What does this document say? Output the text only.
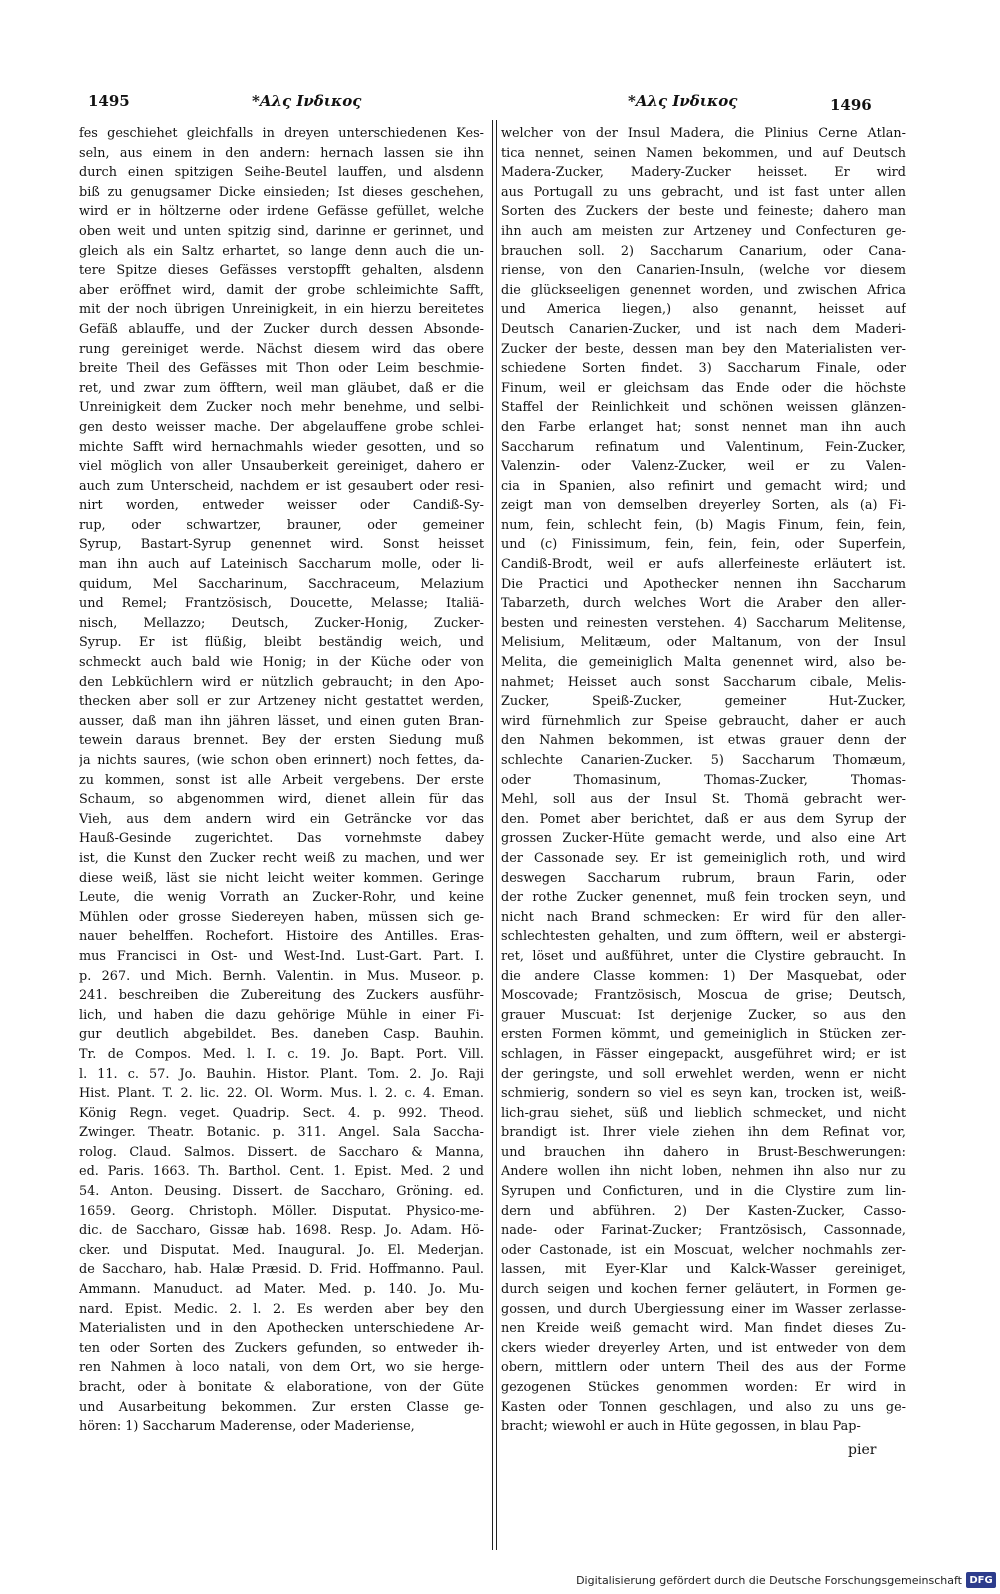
1495	*Αλς Ινδικος	*Αλς Ινδικος	1496
fes geschiehet gleichfalls in dreyen unterschiedenen Kes-
seln, aus einem in den andern: hernach lassen sie ihn
durch einen spitzigen Seihe-Beutel lauffen, und alsdenn
biß zu genugsamer Dicke einsieden; Ist dieses geschehen,
wird er in höltzerne oder irdene Gefässe gefüllet, welche
oben weit und unten spitzig sind, darinne er gerinnet, und
gleich als ein Saltz erhartet, so lange denn auch die un-
tere Spitze dieses Gefässes verstopfft gehalten, alsdenn
aber eröffnet wird, damit der grobe schleimichte Safft,
mit der noch übrigen Unreinigkeit, in ein hierzu bereitetes
Gefäß ablauffe, und der Zucker durch dessen Absonde-
rung gereiniget werde. Nächst diesem wird das obere
breite Theil des Gefässes mit Thon oder Leim beschmie-
ret, und zwar zum öfftern, weil man gläubet, daß er die
Unreinigkeit dem Zucker noch mehr benehme, und selbi-
gen desto weisser mache. Der abgelauffene grobe schlei-
michte Safft wird hernachmahls wieder gesotten, und so
viel möglich von aller Unsauberkeit gereiniget, dahero er
auch zum Unterscheid, nachdem er ist gesaubert oder resi-
nirt worden, entweder weisser oder Candiß-Sy-
rup, oder schwartzer, brauner, oder gemeiner
Syrup, Bastart-Syrup genennet wird. Sonst heisset
man ihn auch auf Lateinisch Saccharum molle, oder li-
quidum, Mel Saccharinum, Sacchraceum, Melazium
und Remel; Frantzösisch, Doucette, Melasse; Italiä-
nisch, Mellazzo; Deutsch, Zucker-Honig, Zucker-
Syrup. Er ist flüßig, bleibt beständig weich, und
schmeckt auch bald wie Honig; in der Küche oder von
den Lebküchlern wird er nützlich gebraucht; in den Apo-
thecken aber soll er zur Artzeney nicht gestattet werden,
ausser, daß man ihn jähren lässet, und einen guten Bran-
tewein daraus brennet. Bey der ersten Siedung muß
ja nichts saures, (wie schon oben erinnert) noch fettes, da-
zu kommen, sonst ist alle Arbeit vergebens. Der erste
Schaum, so abgenommen wird, dienet allein für das
Vieh, aus dem andern wird ein Geträncke vor das
Hauß-Gesinde zugerichtet. Das vornehmste dabey
ist, die Kunst den Zucker recht weiß zu machen, und wer
diese weiß, läst sie nicht leicht weiter kommen. Geringe
Leute, die wenig Vorrath an Zucker-Rohr, und keine
Mühlen oder grosse Siedereyen haben, müssen sich ge-
nauer behelffen. Rochefort. Histoire des Antilles. Eras-
mus Francisci in Ost- und West-Ind. Lust-Gart. Part. I.
p. 267. und Mich. Bernh. Valentin. in Mus. Museor. p.
241. beschreiben die Zubereitung des Zuckers ausführ-
lich, und haben die dazu gehörige Mühle in einer Fi-
gur deutlich abgebildet. Bes. daneben Casp. Bauhin.
Tr. de Compos. Med. l. I. c. 19. Jo. Bapt. Port. Vill.
l. 11. c. 57. Jo. Bauhin. Histor. Plant. Tom. 2. Jo. Raji
Hist. Plant. T. 2. lic. 22. Ol. Worm. Mus. l. 2. c. 4. Eman.
König Regn. veget. Quadrip. Sect. 4. p. 992. Theod.
Zwinger. Theatr. Botanic. p. 311. Angel. Sala Saccha-
rolog. Claud. Salmos. Dissert. de Saccharo & Manna,
ed. Paris. 1663. Th. Barthol. Cent. 1. Epist. Med. 2 und
54. Anton. Deusing. Dissert. de Saccharo, Gröning. ed.
1659. Georg. Christoph. Möller. Disputat. Physico-me-
dic. de Saccharo, Gissæ hab. 1698. Resp. Jo. Adam. Hö-
cker. und Disputat. Med. Inaugural. Jo. El. Mederjan.
de Saccharo, hab. Halæ Præsid. D. Frid. Hoffmanno. Paul.
Ammann. Manuduct. ad Mater. Med. p. 140. Jo. Mu-
nard. Epist. Medic. 2. l. 2. Es werden aber bey den
Materialisten und in den Apothecken unterschiedene Ar-
ten oder Sorten des Zuckers gefunden, so entweder ih-
ren Nahmen à loco natali, von dem Ort, wo sie herge-
bracht, oder à bonitate & elaboratione, von der Güte
und Ausarbeitung bekommen. Zur ersten Classe ge-
hören: 1) Saccharum Maderense, oder Maderiense,
welcher von der Insul Madera, die Plinius Cerne Atlan-
tica nennet, seinen Namen bekommen, und auf Deutsch
Madera-Zucker, Madery-Zucker heisset. Er wird
aus Portugall zu uns gebracht, und ist fast unter allen
Sorten des Zuckers der beste und feineste; dahero man
ihn auch am meisten zur Artzeney und Confecturen ge-
brauchen soll. 2) Saccharum Canarium, oder Cana-
riense, von den Canarien-Insuln, (welche vor diesem
die glückseeligen genennet worden, und zwischen Africa
und America liegen,) also genannt, heisset auf
Deutsch Canarien-Zucker, und ist nach dem Maderi-
Zucker der beste, dessen man bey den Materialisten ver-
schiedene Sorten findet. 3) Saccharum Finale, oder
Finum, weil er gleichsam das Ende oder die höchste
Staffel der Reinlichkeit und schönen weissen glänzen-
den Farbe erlanget hat; sonst nennet man ihn auch
Saccharum refinatum und Valentinum, Fein-Zucker,
Valenzin- oder Valenz-Zucker, weil er zu Valen-
cia in Spanien, also refinirt und gemacht wird; und
zeigt man von demselben dreyerley Sorten, als (a) Fi-
num, fein, schlecht fein, (b) Magis Finum, fein, fein,
und (c) Finissimum, fein, fein, fein, oder Superfein,
Candiß-Brodt, weil er aufs allerfeineste erläutert ist.
Die Practici und Apothecker nennen ihn Saccharum
Tabarzeth, durch welches Wort die Araber den aller-
besten und reinesten verstehen. 4) Saccharum Melitense,
Melisium, Melitæum, oder Maltanum, von der Insul
Melita, die gemeiniglich Malta genennet wird, also be-
nahmet; Heisset auch sonst Saccharum cibale, Melis-
Zucker, Speiß-Zucker, gemeiner Hut-Zucker,
wird fürnehmlich zur Speise gebraucht, daher er auch
den Nahmen bekommen, ist etwas grauer denn der
schlechte Canarien-Zucker. 5) Saccharum Thomæum,
oder Thomasinum, Thomas-Zucker, Thomas-
Mehl, soll aus der Insul St. Thomä gebracht wer-
den. Pomet aber berichtet, daß er aus dem Syrup der
grossen Zucker-Hüte gemacht werde, und also eine Art
der Cassonade sey. Er ist gemeiniglich roth, und wird
deswegen Saccharum rubrum, braun Farin, oder
der rothe Zucker genennet, muß fein trocken seyn, und
nicht nach Brand schmecken: Er wird für den aller-
schlechtesten gehalten, und zum öfftern, weil er abstergi-
ret, löset und außführet, unter die Clystire gebraucht. In
die andere Classe kommen: 1) Der Masquebat, oder
Moscovade; Frantzösisch, Moscua de grise; Deutsch,
grauer Muscuat: Ist derjenige Zucker, so aus den
ersten Formen kömmt, und gemeiniglich in Stücken zer-
schlagen, in Fässer eingepackt, ausgeführet wird; er ist
der geringste, und soll erwehlet werden, wenn er nicht
schmierig, sondern so viel es seyn kan, trocken ist, weiß-
lich-grau siehet, süß und lieblich schmecket, und nicht
brandigt ist. Ihrer viele ziehen ihn dem Refinat vor,
und brauchen ihn dahero in Brust-Beschwerungen:
Andere wollen ihn nicht loben, nehmen ihn also nur zu
Syrupen und Conficturen, und in die Clystire zum lin-
dern und abführen. 2) Der Kasten-Zucker, Casso-
nade- oder Farinat-Zucker; Frantzösisch, Cassonnade,
oder Castonade, ist ein Moscuat, welcher nochmahls zer-
lassen, mit Eyer-Klar und Kalck-Wasser gereiniget,
durch seigen und kochen ferner geläutert, in Formen ge-
gossen, und durch Ubergiessung einer im Wasser zerlasse-
nen Kreide weiß gemacht wird. Man findet dieses Zu-
ckers wieder dreyerley Arten, und ist entweder von dem
obern, mittlern oder untern Theil des aus der Forme
gezogenen Stückes genommen worden: Er wird in
Kasten oder Tonnen geschlagen, und also zu uns ge-
bracht; wiewohl er auch in Hüte gegossen, in blau Pap-
pier
Digitalisierung gefördert durch die Deutsche Forschungsgemeinschaft DFG
